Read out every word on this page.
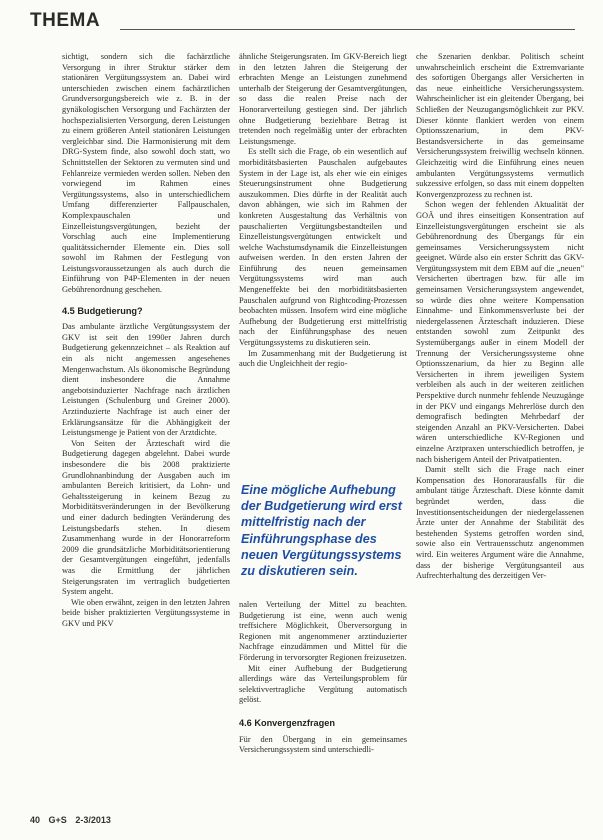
THEMA

sichtigt, sondern sich die fachärztliche Versorgung in ihrer Struktur stärker dem stationären Vergütungssystem an. Dabei wird unterschieden zwischen einem fachärztlichen Grundversorgungsbereich wie z. B. in der gynäkologischen Versorgung und Fachärzten der hochspezialisierten Versorgung, deren Leistungen zu einem größeren Anteil stationären Leistungen vergleichbar sind. Die Harmonisierung mit dem DRG-System finde, also sowohl doch statt, wo Schnittstellen der Sektoren zu vermuten sind und Fehlanreize vermieden werden sollen. Neben den vorwiegend im Rahmen eines Vergütungssystems, also in unterschiedlichem Umfang differenzierter Fallpauschalen, Komplexpauschalen und Einzelleistungsvergütungen, bezieht der Vorschlag auch eine Implementierung qualitätssichernder Elemente ein. Dies soll sowohl im Rahmen der Festlegung von Leistungsvoraussetzungen als auch durch die Einführung von P4P-Elementen in der neuen Gebührenordnung geschehen.

4.5 Budgetierung?

Das ambulante ärztliche Vergütungssystem der GKV ist seit den 1990er Jahren durch Budgetierung gekennzeichnet – als Reaktion auf ein als nicht angemessen angesehenes Mengenwachstum. Als ökonomische Begründung dient insbesondere die Annahme angebotsinduzierter Nachfrage nach ärztlichen Leistungen (Schulenburg und Greiner 2000). Arztinduzierte Nachfrage ist auch einer der Erklärungsansätze für die Abhängigkeit der Leistungsmenge je Patient von der Arztdichte.

Von Seiten der Ärzteschaft wird die Budgetierung dagegen abgelehnt. Dabei wurde insbesondere die bis 2008 praktizierte Grundlohnanbindung der Ausgaben auch im ambulanten Bereich kritisiert, da Lohn- und Gehaltssteigerung in keinem Bezug zu Morbiditätsveränderungen in der Bevölkerung und einer dadurch bedingten Veränderung des Leistungsbedarfs stehen. In diesem Zusammenhang wurde in der Honorarreform 2009 die grundsätzliche Morbiditätsorientierung der Gesamtvergütungen eingeführt, jedenfalls was die Ermittlung der jährlichen Steigerungsraten im vertraglich budgetierten System angeht.

Wie oben erwähnt, zeigen in den letzten Jahren beide bisher praktizierten Vergütungssysteme in GKV und PKV

ähnliche Steigerungsraten. Im GKV-Bereich liegt in den letzten Jahren die Steigerung der erbrachten Menge an Leistungen zunehmend unterhalb der Steigerung der Gesamtvergütungen, so dass die realen Preise nach der Honorarverteilung gestiegen sind. Der jährlich ohne Budgetierung beziehbare Betrag ist tretenden noch regelmäßig unter der erbrachten Leistungsmenge.

Es stellt sich die Frage, ob ein wesentlich auf morbiditätsbasierten Pauschalen aufgebautes System in der Lage ist, als eher wie ein einiges Steuerungsinstrument ohne Budgetierung auszukommen. Dies dürfte in der Realität auch davon abhängen, wie sich im Rahmen der konkreten Ausgestaltung das Verhältnis von pauschalierten Vergütungsbestandteilen und Einzelleistungsvergütungen entwickelt und welche Wachstumsdynamik die Einzelleistungen aufweisen werden. In den ersten Jahren der Einführung des neuen gemeinsamen Vergütungssystems wird man auch Mengeneffekte bei den morbiditätsbasierten Pauschalen aufgrund von Rightcoding-Prozessen beobachten müssen. Insofern wird eine mögliche Aufhebung der Budgetierung erst mittelfristig nach der Einführungsphase des neuen Vergütungssystems zu diskutieren sein.

Im Zusammenhang mit der Budgetierung ist auch die Ungleichheit der regio-

Eine mögliche Aufhebung der Budgetierung wird erst mittelfristig nach der Einführungsphase des neuen Vergütungssystems zu diskutieren sein.

nalen Verteilung der Mittel zu beachten. Budgetierung ist eine, wenn auch wenig treffsichere Möglichkeit, Überversorgung in Regionen mit angenommener arztinduzierter Nachfrage einzudämmen und Mittel für die Förderung in tervorsorgter Regionen freizusetzen.

Mit einer Aufhebung der Budgetierung allerdings wäre das Verteilungsproblem für selektivvertragliche Vergütung automatisch gelöst.

4.6 Konvergenzfragen

Für den Übergang in ein gemeinsames Versicherungssystem sind unterschiedli-

che Szenarien denkbar. Politisch scheint unwahrscheinlich erscheint die Extremvariante des sofortigen Übergangs aller Versicherten in das neue einheitliche Versicherungssystem. Wahrscheinlicher ist ein gleitender Übergang, bei Schließen der Neuzugangsmöglichkeit zur PKV. Dieser könnte flankiert werden von einem Optionsszenarium, in dem PKV-Bestandsversicherte in das gemeinsame Versicherungssystem freiwillig wechseln können. Gleichzeitig wird die Einführung eines neuen ambulanten Vergütungssystems vermutlich sukzessive erfolgen, so dass mit einem doppelten Konvergenzprozess zu rechnen ist.

Schon wegen der fehlenden Aktualität der GOÄ und ihres einseitigen Konsentration auf Einzelleistungsvergütungen erscheint sie als Gebührenordnung des Übergangs für ein gemeinsames Versicherungssystem nicht geeignet. Würde also ein erster Schritt das GKV-Vergütungssystem mit dem EBM auf die „neuen" Versicherten übertragen bzw. für alle im gemeinsamen Versicherungssystem angewendet, so würde dies ohne weitere Kompensation Einnahme- und Einkommensverluste bei der niedergelassenen Ärzteschaft induzieren. Diese entstanden sowohl zum Zeitpunkt des Systemübergangs außer in einem Modell der Trennung der Versicherungssysteme ohne Optionsszenarium, da hier zu Beginn alle Versicherten in ihrem jeweiligen System verbleiben als auch in der weiteren zeitlichen Perspektive durch nunmehr fehlende Neuzugänge in der PKV und eingangs Mehrerlöse durch den demografisch bedingten Mehrbedarf der steigenden Anzahl an PKV-Versicherten. Dabei wären unterschiedliche KV-Regionen und einzelne Arztpraxen unterschiedlich betroffen, je nach bisherigem Anteil der Privatpatienten.

Damit stellt sich die Frage nach einer Kompensation des Honorarausfalls für die ambulant tätige Ärzteschaft. Diese könnte damit begründet werden, dass die Investitionsentscheidungen der niedergelassenen Ärzte unter der Annahme der Stabilität des bestehenden Systems getroffen worden sind, sowie also ein Vertrauensschutz angenommen wird. Ein weiteres Argument wäre die Annahme, dass der bisherige Vergütungsanteil aus Aufrechterhaltung des derzeitigen Ver-

40 G+S 2-3/2013
